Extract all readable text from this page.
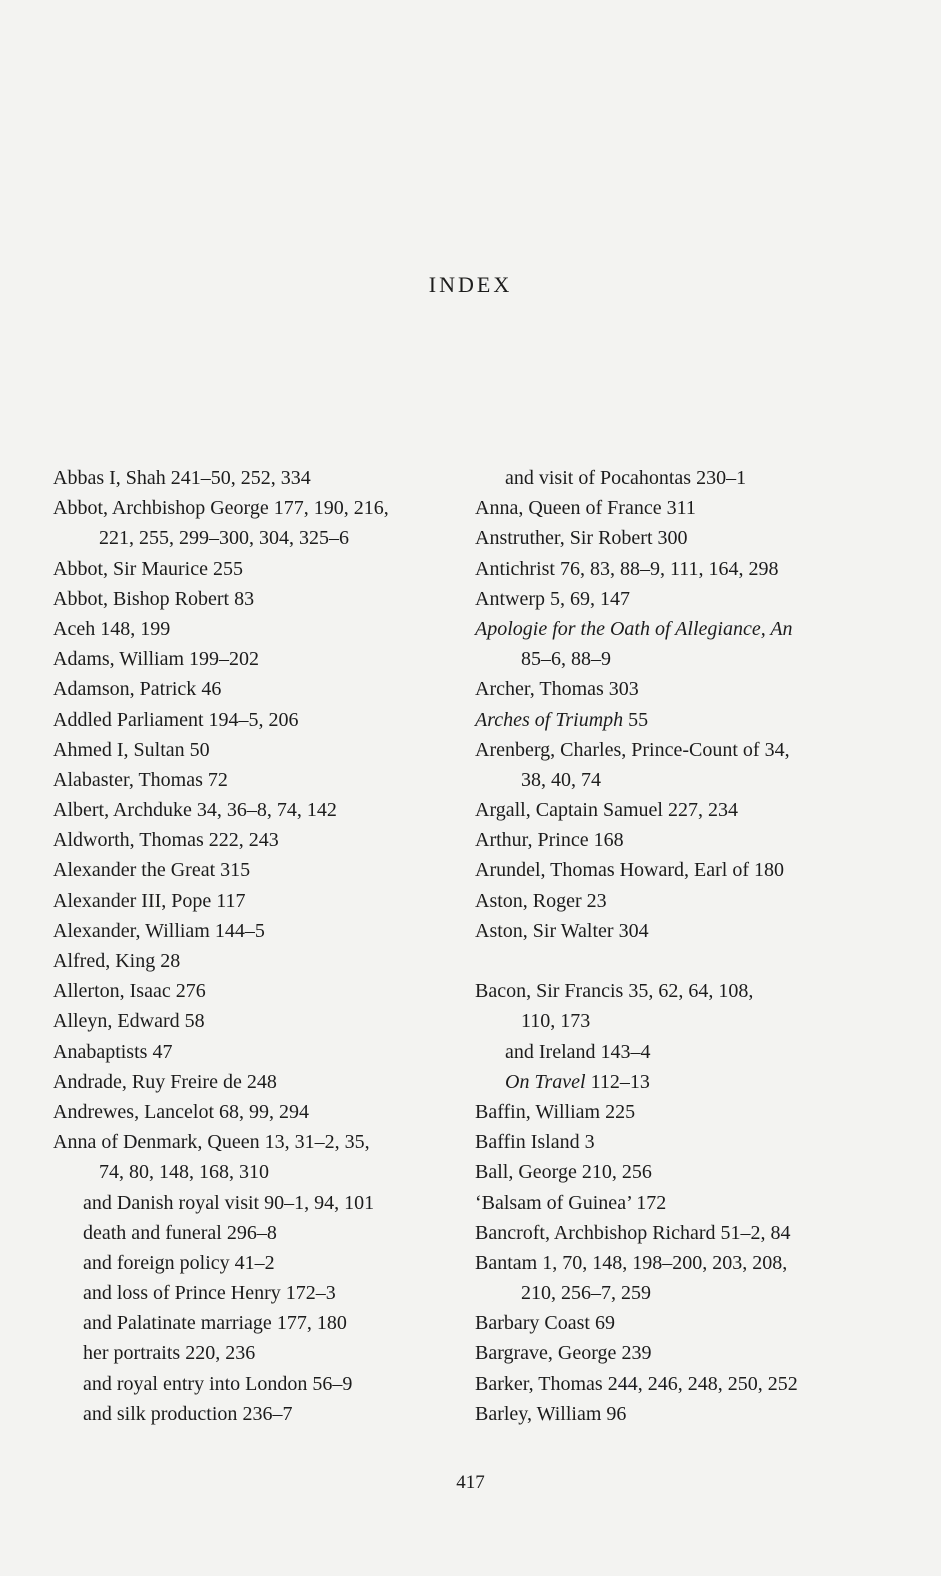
INDEX
Abbas I, Shah 241–50, 252, 334
Abbot, Archbishop George 177, 190, 216,
221, 255, 299–300, 304, 325–6
Abbot, Sir Maurice 255
Abbot, Bishop Robert 83
Aceh 148, 199
Adams, William 199–202
Adamson, Patrick 46
Addled Parliament 194–5, 206
Ahmed I, Sultan 50
Alabaster, Thomas 72
Albert, Archduke 34, 36–8, 74, 142
Aldworth, Thomas 222, 243
Alexander the Great 315
Alexander III, Pope 117
Alexander, William 144–5
Alfred, King 28
Allerton, Isaac 276
Alleyn, Edward 58
Anabaptists 47
Andrade, Ruy Freire de 248
Andrewes, Lancelot 68, 99, 294
Anna of Denmark, Queen 13, 31–2, 35,
74, 80, 148, 168, 310
and Danish royal visit 90–1, 94, 101
death and funeral 296–8
and foreign policy 41–2
and loss of Prince Henry 172–3
and Palatinate marriage 177, 180
her portraits 220, 236
and royal entry into London 56–9
and silk production 236–7
and visit of Pocahontas 230–1
Anna, Queen of France 311
Anstruther, Sir Robert 300
Antichrist 76, 83, 88–9, 111, 164, 298
Antwerp 5, 69, 147
Apologie for the Oath of Allegiance, An
85–6, 88–9
Archer, Thomas 303
Arches of Triumph 55
Arenberg, Charles, Prince-Count of 34,
38, 40, 74
Argall, Captain Samuel 227, 234
Arthur, Prince 168
Arundel, Thomas Howard, Earl of 180
Aston, Roger 23
Aston, Sir Walter 304
Bacon, Sir Francis 35, 62, 64, 108,
110, 173
and Ireland 143–4
On Travel 112–13
Baffin, William 225
Baffin Island 3
Ball, George 210, 256
‘Balsam of Guinea’ 172
Bancroft, Archbishop Richard 51–2, 84
Bantam 1, 70, 148, 198–200, 203, 208,
210, 256–7, 259
Barbary Coast 69
Bargrave, George 239
Barker, Thomas 244, 246, 248, 250, 252
Barley, William 96
417
